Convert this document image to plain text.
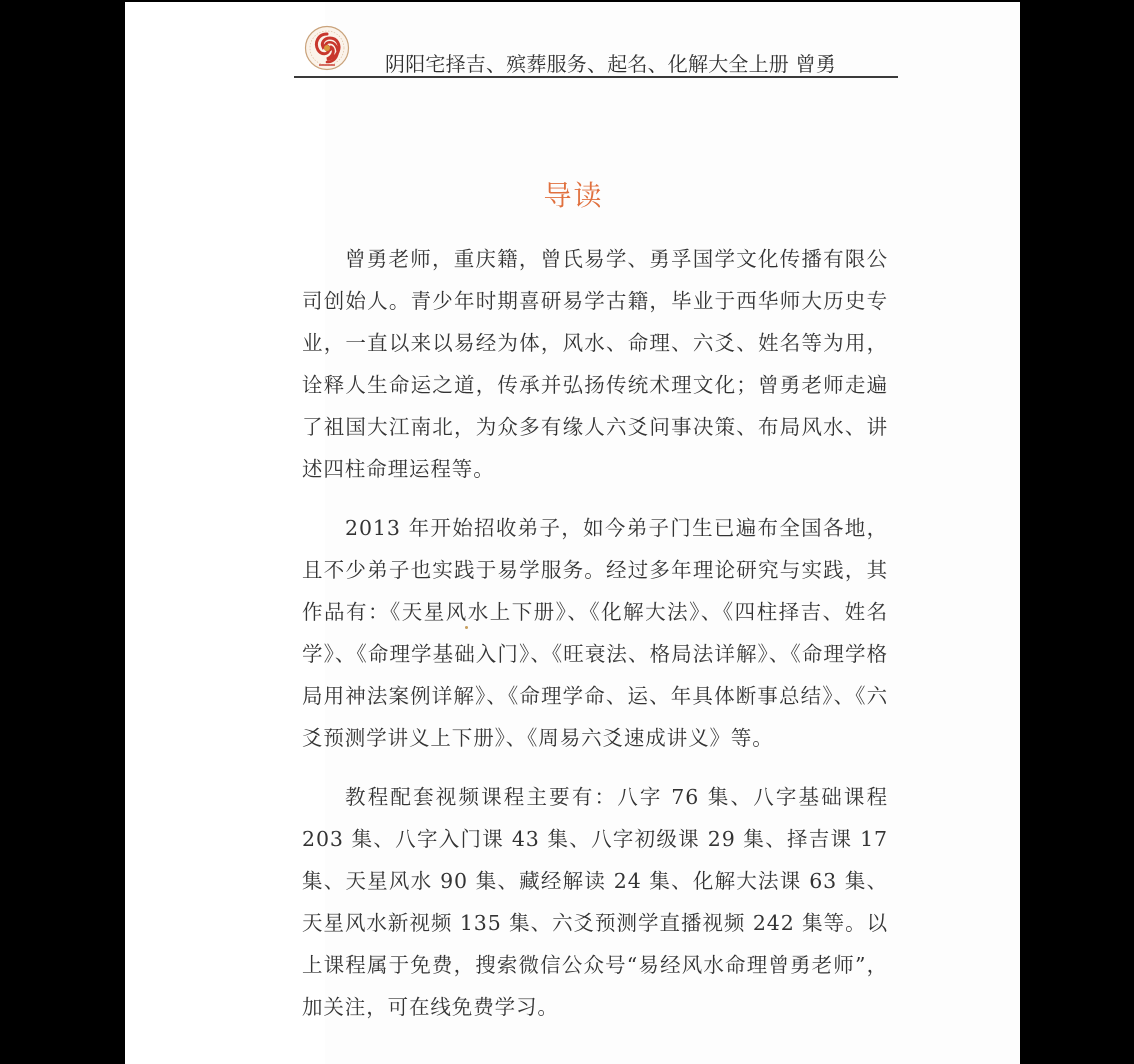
阴阳宅择吉、殡葬服务、起名、化解大全上册 曾勇
导读

曾勇老师，重庆籍，曾氏易学、勇孚国学文化传播有限公司创始人。青少年时期喜研易学古籍，毕业于西华师大历史专业，一直以来以易经为体，风水、命理、六爻、姓名等为用，诠释人生命运之道，传承并弘扬传统术理文化；曾勇老师走遍了祖国大江南北，为众多有缘人六爻问事决策、布局风水、讲述四柱命理运程等。

2013 年开始招收弟子，如今弟子门生已遍布全国各地，且不少弟子也实践于易学服务。经过多年理论研究与实践，其作品有：《天星风水上下册》、《化解大法》、《四柱择吉、姓名学》、《命理学基础入门》、《旺衰法、格局法详解》、《命理学格局用神法案例详解》、《命理学命、运、年具体断事总结》、《六爻预测学讲义上下册》、《周易六爻速成讲义》等。

教程配套视频课程主要有：八字 76 集、八字基础课程 203 集、八字入门课 43 集、八字初级课 29 集、择吉课 17 集、天星风水 90 集、藏经解读 24 集、化解大法课 63 集、天星风水新视频 135 集、六爻预测学直播视频 242 集等。以上课程属于免费，搜索微信公众号“易经风水命理曾勇老师”，加关注，可在线免费学习。
